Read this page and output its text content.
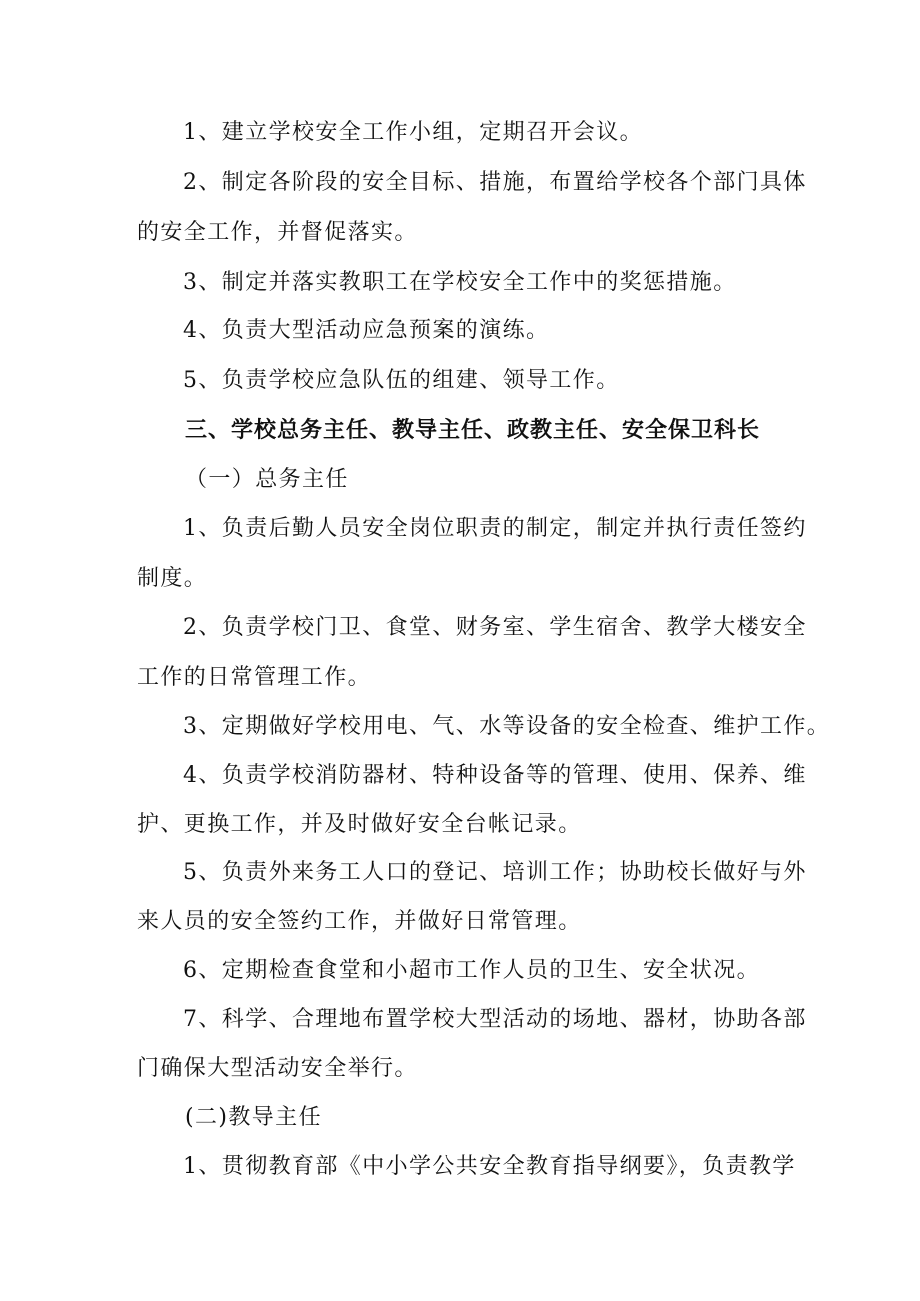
1、建立学校安全工作小组，定期召开会议。
2、制定各阶段的安全目标、措施，布置给学校各个部门具体
的安全工作，并督促落实。
3、制定并落实教职工在学校安全工作中的奖惩措施。
4、负责大型活动应急预案的演练。
5、负责学校应急队伍的组建、领导工作。
三、学校总务主任、教导主任、政教主任、安全保卫科长
（一）总务主任
1、负责后勤人员安全岗位职责的制定，制定并执行责任签约
制度。
2、负责学校门卫、食堂、财务室、学生宿舍、教学大楼安全
工作的日常管理工作。
3、定期做好学校用电、气、水等设备的安全检查、维护工作。
4、负责学校消防器材、特种设备等的管理、使用、保养、维
护、更换工作，并及时做好安全台帐记录。
5、负责外来务工人口的登记、培训工作；协助校长做好与外
来人员的安全签约工作，并做好日常管理。
6、定期检查食堂和小超市工作人员的卫生、安全状况。
7、科学、合理地布置学校大型活动的场地、器材，协助各部
门确保大型活动安全举行。
(二)教导主任
1、贯彻教育部《中小学公共安全教育指导纲要》，负责教学
